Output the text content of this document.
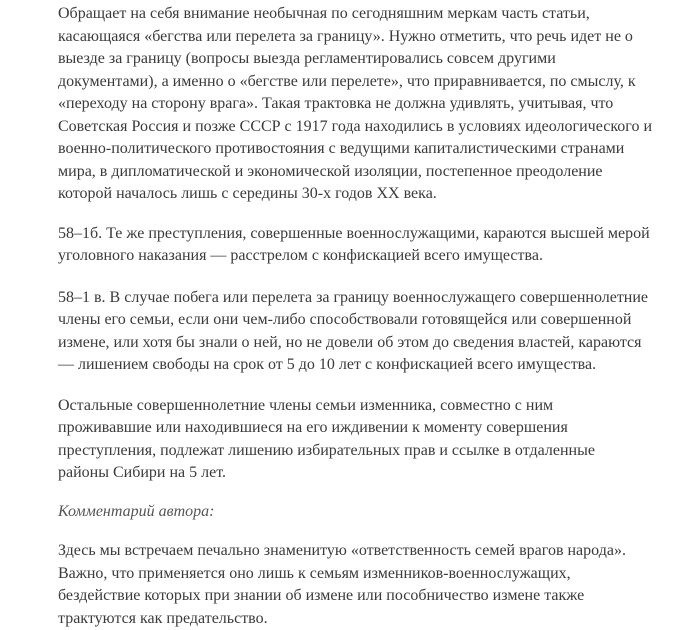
Обращает на себя внимание необычная по сегодняшним меркам часть статьи,
касающаяся «бегства или перелета за границу». Нужно отметить, что речь идет не о
выезде за границу (вопросы выезда регламентировались совсем другими
документами), а именно о «бегстве или перелете», что приравнивается, по смыслу, к
«переходу на сторону врага». Такая трактовка не должна удивлять, учитывая, что
Советская Россия и позже СССР с 1917 года находились в условиях идеологического и
военно-политического противостояния с ведущими капиталистическими странами
мира, в дипломатической и экономической изоляции, постепенное преодоление
которой началось лишь с середины 30-х годов XX века.
58–1б. Те же преступления, совершенные военнослужащими, караются высшей мерой
уголовного наказания — расстрелом с конфискацией всего имущества.
58–1 в. В случае побега или перелета за границу военнослужащего совершеннолетние
члены его семьи, если они чем-либо способствовали готовящейся или совершенной
измене, или хотя бы знали о ней, но не довели об этом до сведения властей, караются
— лишением свободы на срок от 5 до 10 лет с конфискацией всего имущества.
Остальные совершеннолетние члены семьи изменника, совместно с ним
проживавшие или находившиеся на его иждивении к моменту совершения
преступления, подлежат лишению избирательных прав и ссылке в отдаленные
районы Сибири на 5 лет.
Комментарий автора:
Здесь мы встречаем печально знаменитую «ответственность семей врагов народа».
Важно, что применяется оно лишь к семьям изменников-военнослужащих,
бездействие которых при знании об измене или пособничество измене также
трактуются как предательство.
